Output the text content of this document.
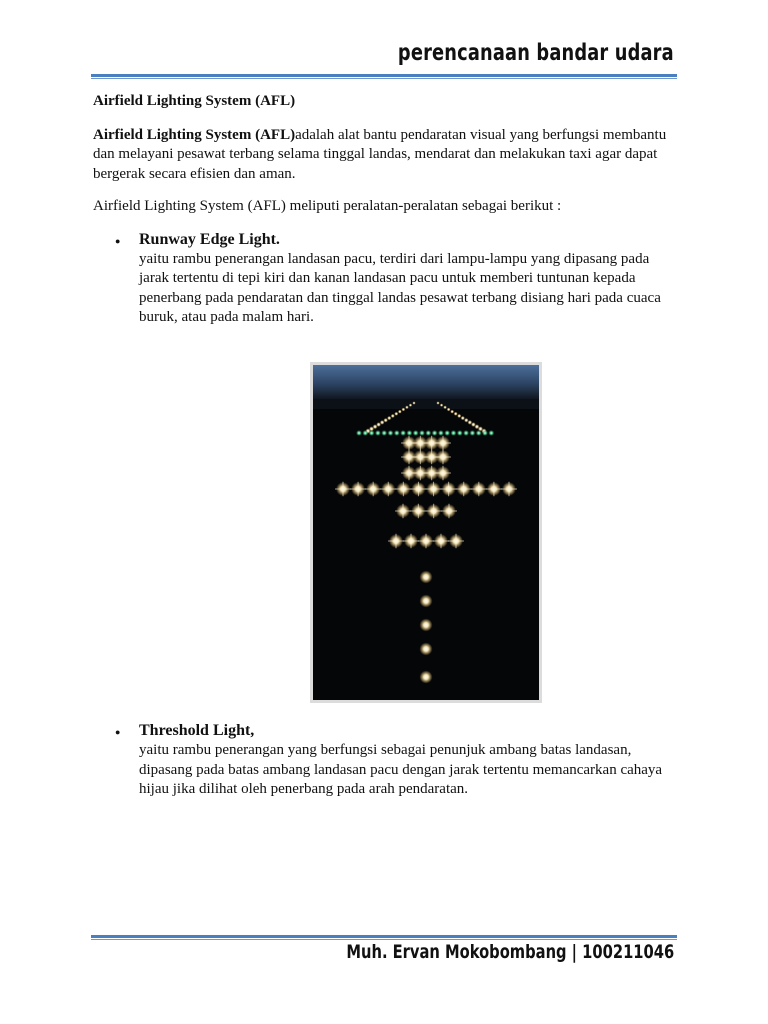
perencanaan bandar udara

Airfield Lighting System (AFL)

Airfield Lighting System (AFL)adalah alat bantu pendaratan visual yang berfungsi membantu dan melayani pesawat terbang selama tinggal landas, mendarat dan melakukan taxi agar dapat bergerak secara efisien dan aman.

Airfield Lighting System (AFL) meliputi peralatan-peralatan sebagai berikut :

● Runway Edge Light.

yaitu rambu penerangan landasan pacu, terdiri dari lampu-lampu yang dipasang pada jarak tertentu di tepi kiri dan kanan landasan pacu untuk memberi tuntunan kepada penerbang pada pendaratan dan tinggal landas pesawat terbang disiang hari pada cuaca buruk, atau pada malam hari.

● Threshold Light,

yaitu rambu penerangan yang berfungsi sebagai penunjuk ambang batas landasan, dipasang pada batas ambang landasan pacu dengan jarak tertentu memancarkan cahaya hijau jika dilihat oleh penerbang pada arah pendaratan.

Muh. Ervan Mokobombang | 100211046
